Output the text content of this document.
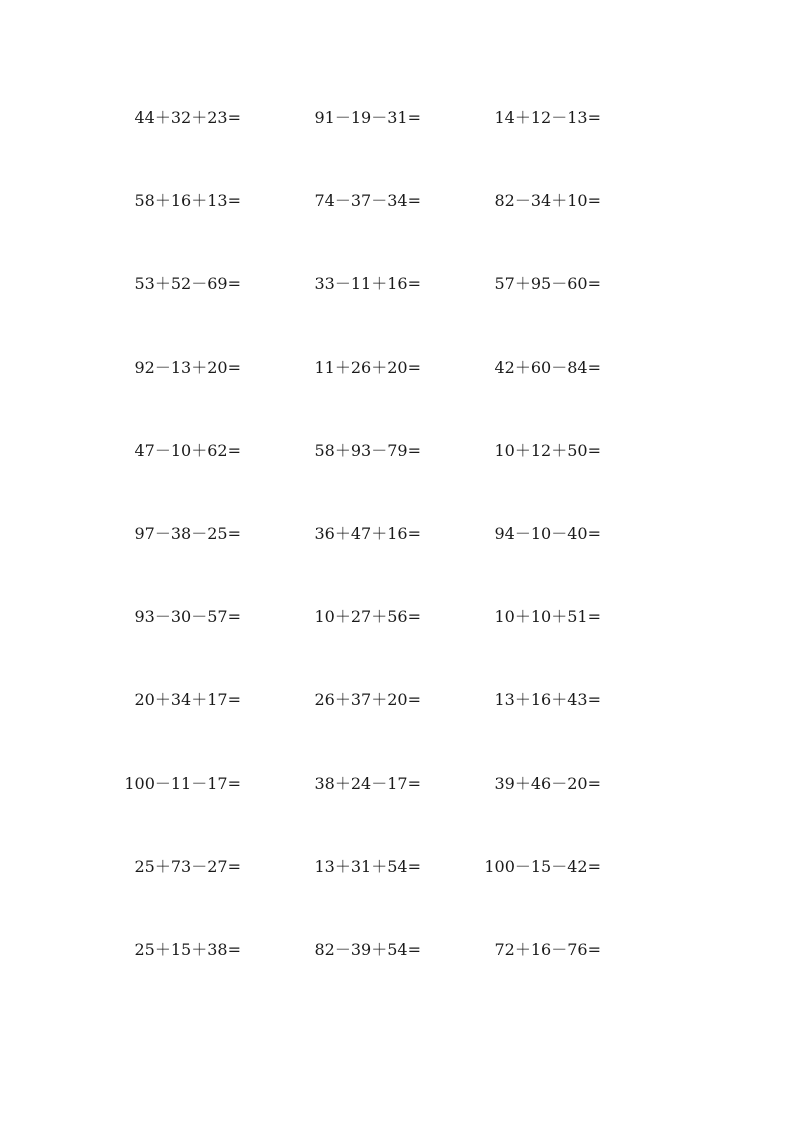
44＋32＋23=	91－19－31=	14＋12－13=
58＋16＋13=	74－37－34=	82－34＋10=
53＋52－69=	33－11＋16=	57＋95－60=
92－13＋20=	11＋26＋20=	42＋60－84=
47－10＋62=	58＋93－79=	10＋12＋50=
97－38－25=	36＋47＋16=	94－10－40=
93－30－57=	10＋27＋56=	10＋10＋51=
20＋34＋17=	26＋37＋20=	13＋16＋43=
100－11－17=	38＋24－17=	39＋46－20=
25＋73－27=	13＋31＋54=	100－15－42=
25＋15＋38=	82－39＋54=	72＋16－76=
